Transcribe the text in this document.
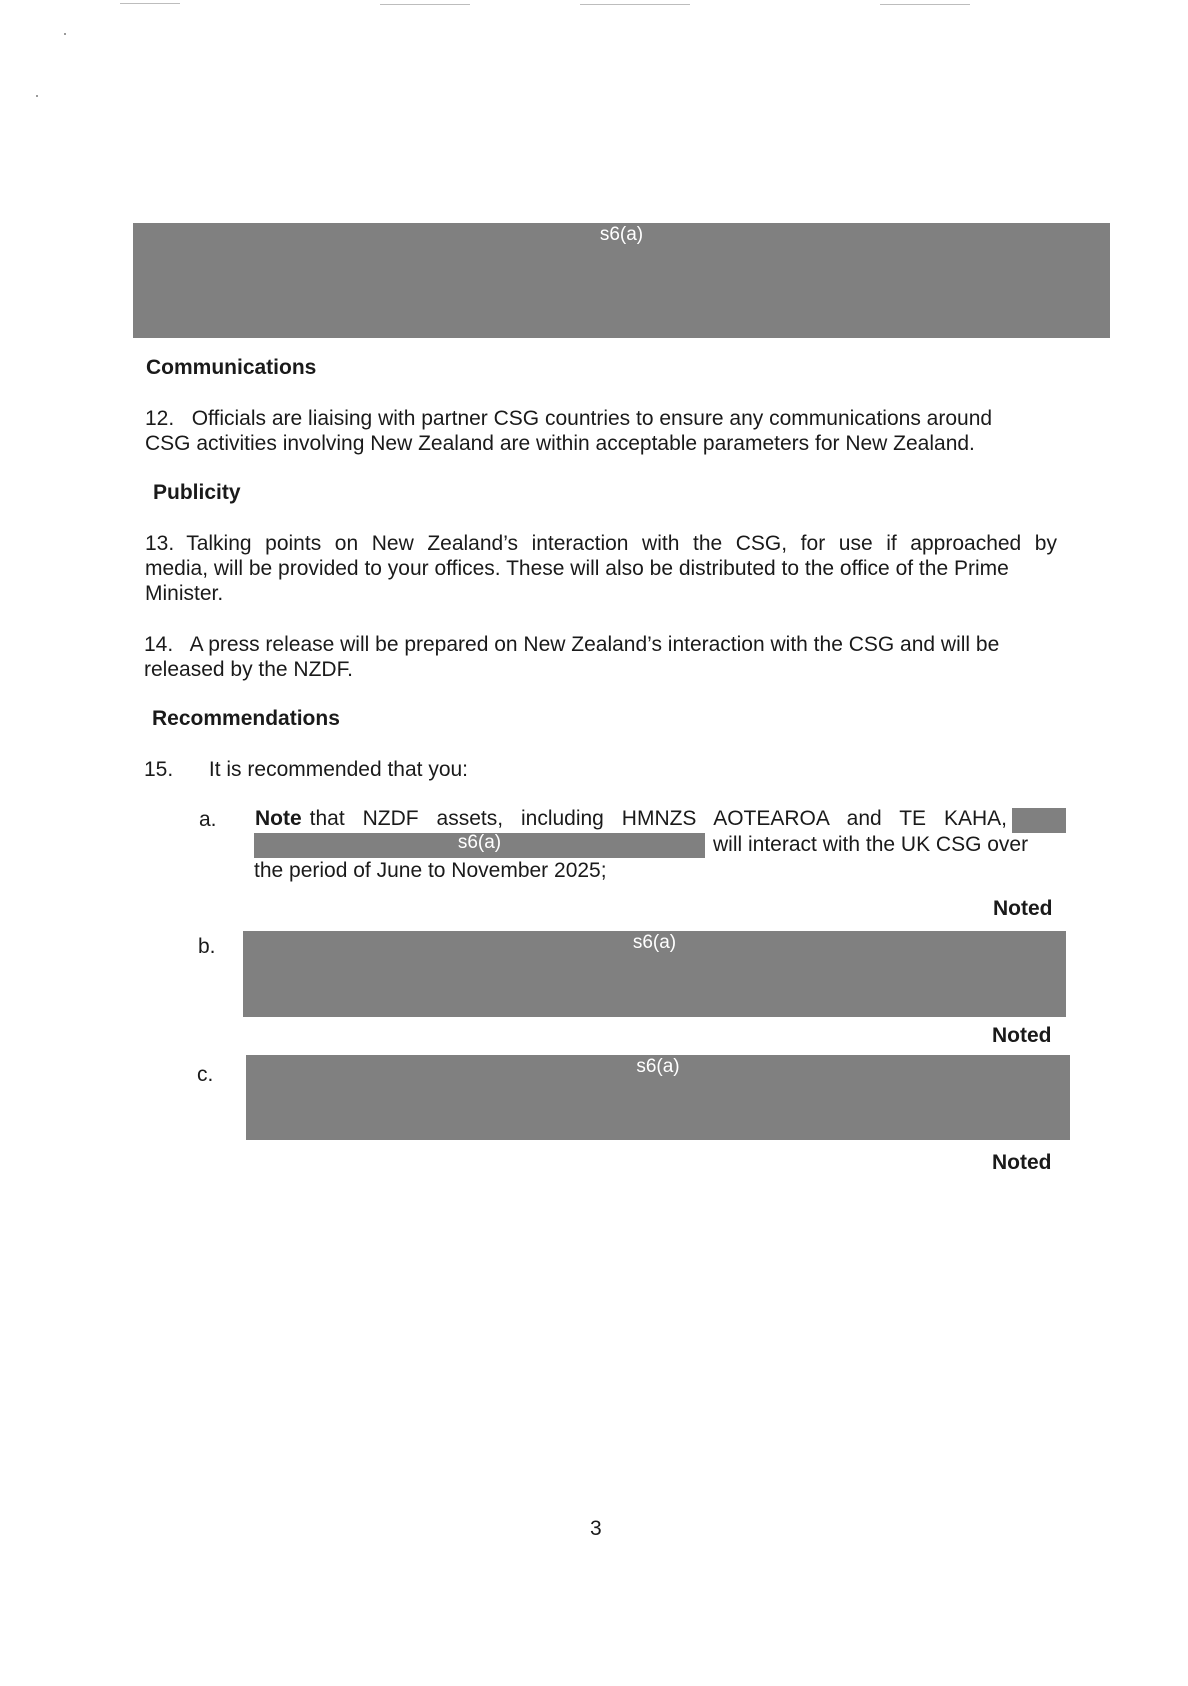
s6(a)
Communications
12. Officials are liaising with partner CSG countries to ensure any communications around
CSG activities involving New Zealand are within acceptable parameters for New Zealand.
Publicity
13. Talking points on New Zealand’s interaction with the CSG, for use if approached by
media, will be provided to your offices. These will also be distributed to the office of the Prime
Minister.
14. A press release will be prepared on New Zealand’s interaction with the CSG and will be
released by the NZDF.
Recommendations
15. It is recommended that you:
a. Note that NZDF assets, including HMNZS AOTEAROA and TE KAHA,
s6(a)	will interact with the UK CSG over
the period of June to November 2025;
Noted
b.	s6(a)
Noted
c.	s6(a)
Noted
3
